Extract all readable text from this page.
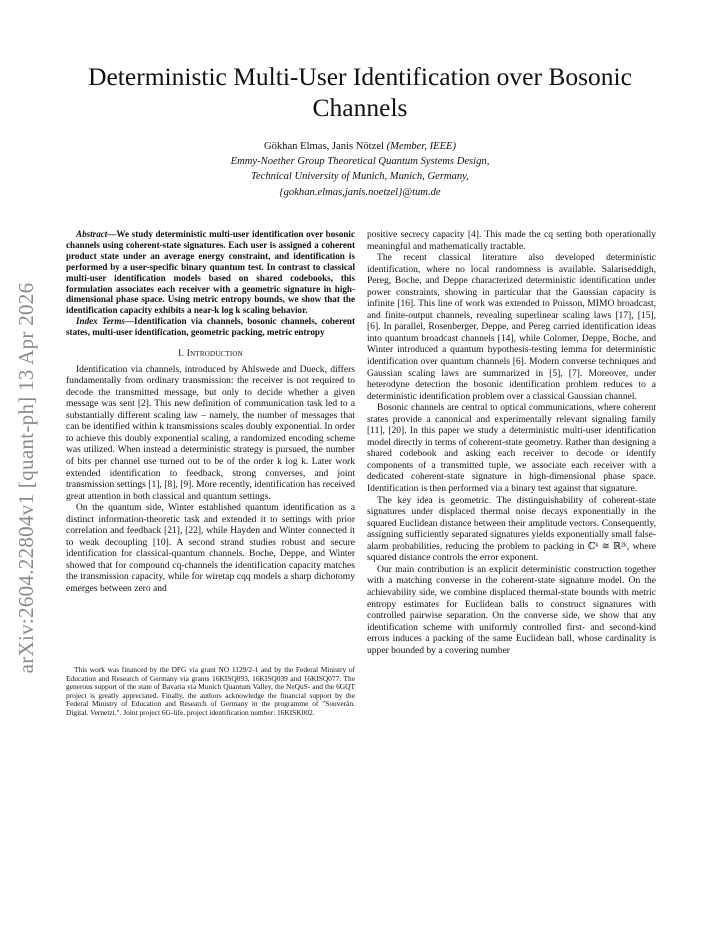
arXiv:2604.22804v1 [quant-ph] 13 Apr 2026
Deterministic Multi-User Identification over Bosonic Channels
Gökhan Elmas, Janis Nötzel (Member, IEEE)
Emmy-Noether Group Theoretical Quantum Systems Design,
Technical University of Munich, Munich, Germany,
{gokhan.elmas,janis.noetzel}@tum.de

Abstract—We study deterministic multi-user identification over bosonic channels using coherent-state signatures. Each user is assigned a coherent product state under an average energy constraint, and identification is performed by a user-specific binary quantum test. In contrast to classical multi-user identification models based on shared codebooks, this formulation associates each receiver with a geometric signature in high-dimensional phase space. Using metric entropy bounds, we show that the identification capacity exhibits a near-k log k scaling behavior.

Index Terms—Identification via channels, bosonic channels, coherent states, multi-user identification, geometric packing, metric entropy

I. Introduction

Identification via channels, introduced by Ahlswede and Dueck, differs fundamentally from ordinary transmission: the receiver is not required to decode the transmitted message, but only to decide whether a given message was sent [2]. This new definition of communication task led to a substantially different scaling law – namely, the number of messages that can be identified within k transmissions scales doubly exponential. In order to achieve this doubly exponential scaling, a randomized encoding scheme was utilized. When instead a deterministic strategy is pursued, the number of bits per channel use turned out to be of the order k log k. Later work extended identification to feedback, strong converses, and joint transmission settings [1], [8], [9]. More recently, identification has received great attention in both classical and quantum settings.

On the quantum side, Winter established quantum identification as a distinct information-theoretic task and extended it to settings with prior correlation and feedback [21], [22], while Hayden and Winter connected it to weak decoupling [10]. A second strand studies robust and secure identification for classical-quantum channels. Boche, Deppe, and Winter showed that for compound cq-channels the identification capacity matches the transmission capacity, while for wiretap cqq models a sharp dichotomy emerges between zero and

This work was financed by the DFG via grant NO 1129/2-1 and by the Federal Ministry of Education and Research of Germany via grants 16KISQ093, 16KISQ039 and 16KISQ077. The generous support of the state of Bavaria via Munich Quantum Valley, the NeQuS- and the 6GQT project is greatly appreciated. Finally, the authors acknowledge the financial support by the Federal Ministry of Education and Research of Germany in the programme of "Souverän. Digital. Vernetzt.". Joint project 6G-life, project identification number: 16KISK002.

positive secrecy capacity [4]. This made the cq setting both operationally meaningful and mathematically tractable.

The recent classical literature also developed deterministic identification, where no local randomness is available. Salariseddigh, Pereg, Boche, and Deppe characterized deterministic identification under power constraints, showing in particular that the Gaussian capacity is infinite [16]. This line of work was extended to Poisson, MIMO broadcast, and finite-output channels, revealing superlinear scaling laws [17], [15], [6]. In parallel, Rosenberger, Deppe, and Pereg carried identification ideas into quantum broadcast channels [14], while Colomer, Deppe, Boche, and Winter introduced a quantum hypothesis-testing lemma for deterministic identification over quantum channels [6]. Modern converse techniques and Gaussian scaling laws are summarized in [5], [7]. Moreover, under heterodyne detection the bosonic identification problem reduces to a deterministic identification problem over a classical Gaussian channel.

Bosonic channels are central to optical communications, where coherent states provide a canonical and experimentally relevant signaling family [11], [20]. In this paper we study a deterministic multi-user identification model directly in terms of coherent-state geometry. Rather than designing a shared codebook and asking each receiver to decode or identify components of a transmitted tuple, we associate each receiver with a dedicated coherent-state signature in high-dimensional phase space. Identification is then performed via a binary test against that signature.

The key idea is geometric. The distinguishability of coherent-state signatures under displaced thermal noise decays exponentially in the squared Euclidean distance between their amplitude vectors. Consequently, assigning sufficiently separated signatures yields exponentially small false-alarm probabilities, reducing the problem to packing in ℂᵏ ≅ ℝ²ᵏ, where squared distance controls the error exponent.

Our main contribution is an explicit deterministic construction together with a matching converse in the coherent-state signature model. On the achievability side, we combine displaced thermal-state bounds with metric entropy estimates for Euclidean balls to construct signatures with controlled pairwise separation. On the converse side, we show that any identification scheme with uniformly controlled first- and second-kind errors induces a packing of the same Euclidean ball, whose cardinality is upper bounded by a covering number
